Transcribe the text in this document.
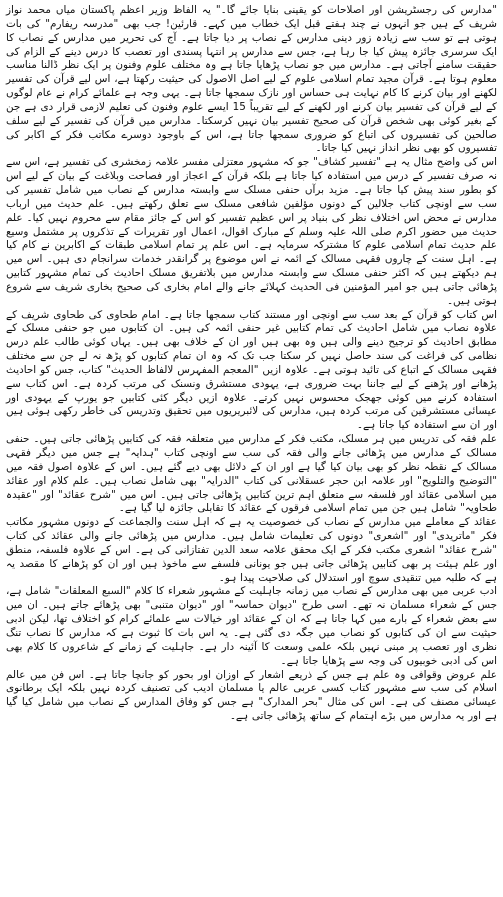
"مدارس کی رجسٹریشن اور اصلاحات کو یقینی بنایا جائے گا۔" یہ الفاظ وزیر اعظم پاکستان میاں محمد نواز شریف کے ہیں جو انہوں نے چند ہفتے قبل ایک خطاب میں کہے۔ قارئین! جب بھی "مدرسہ ریفارم" کی بات ہوتی ہے تو سب سے زیادہ زور دینی مدارس کے نصاب پر دیا جاتا ہے۔ آج کی تحریر میں مدارس کے نصاب کا ایک سرسری جائزہ پیش کیا جا رہا ہے، جس سے مدارس پر انتہا پسندی اور تعصب کا درس دینے کے الزام کی حقیقت سامنے آجاتی ہے۔ مدارس میں جو نصاب پڑھایا جاتا ہے وہ مختلف علوم وفنون پر ایک نظر ڈالنا مناسب معلوم ہوتا ہے۔ قرآن مجید تمام اسلامی علوم کے لیے اصل الاصول کی حیثیت رکھتا ہے، اس لیے قرآن کی تفسیر لکھنے اور بیان کرنے کا کام نہایت ہی حساس اور نازک سمجھا جاتا ہے۔ یہی وجہ ہے علمائے کرام نے عام لوگوں کے لیے قرآن کی تفسیر بیان کرنے اور لکھنے کے لیے تقریباً 15 ایسے علوم وفنون کی تعلیم لازمی قرار دی ہے جن کے بغیر کوئی بھی شخص قرآن کی صحیح تفسیر بیان نہیں کرسکتا۔ مدارس میں قرآن کی تفسیر کے لیے سلف صالحین کی تفسیروں کی اتباع کو ضروری سمجھا جاتا ہے، اس کے باوجود دوسرے مکاتب فکر کے اکابر کی تفسیروں کو بھی نظر انداز نہیں کیا جاتا۔

اس کی واضح مثال یہ ہے "تفسیر کشاف" جو کہ مشہور معتزلی مفسر علامہ زمخشری کی تفسیر ہے، اس سے نہ صرف تفسیر کے درس میں استفادہ کیا جاتا ہے بلکہ قرآن کے اعجاز اور فصاحت وبلاغت کے بیان کے لیے اس کو بطور سند پیش کیا جاتا ہے۔ مزید برآں حنفی مسلک سے وابستہ مدارس کے نصاب میں شامل تفسیر کی سب سے اونچی کتاب جلالین کے دونوں مؤلفین شافعی مسلک سے تعلق رکھتے ہیں۔ علم حدیث میں ارباب مدارس نے محض اس اختلاف نظر کی بنیاد پر اس عظیم تفسیر کو اس کے جائز مقام سے محروم نہیں کیا۔ علم حدیث میں حضور اکرم صلی اللہ علیہ وسلم کے مبارک اقوال، اعمال اور تقریرات کے تذکروں پر مشتمل وسیع علم حدیث تمام اسلامی علوم کا مشترکہ سرمایہ ہے۔ اس علم پر تمام اسلامی طبقات کے اکابرین نے کام کیا ہے۔ اہل سنت کے چاروں فقہی مسالک کے ائمہ نے اس موضوع پر گرانقدر خدمات سرانجام دی ہیں۔ اس میں ہم دیکھتے ہیں کہ اکثر حنفی مسلک سے وابستہ مدارس میں بلاتفریق مسلک احادیث کی تمام مشہور کتابیں پڑھائی جاتی ہیں جو امیر المؤمنین فی الحدیث کہلائے جانے والے امام بخاری کی صحیح بخاری شریف سے شروع ہوتی ہیں۔

اس کتاب کو قرآن کے بعد سب سے اونچی اور مستند کتاب سمجھا جاتا ہے۔ امام طحاوی کی طحاوی شریف کے علاوہ نصاب میں شامل احادیث کی تمام کتابیں غیر حنفی ائمہ کی ہیں۔ ان کتابوں میں جو حنفی مسلک کے مطابق احادیث کو ترجیح دینے والی ہیں وہ بھی ہیں اور ان کے خلاف بھی ہیں۔ یہاں کوئی طالب علم درس نظامی کی فراغت کی سند حاصل نہیں کر سکتا جب تک کہ وہ ان تمام کتابوں کو پڑھ نہ لے جن سے مختلف فقہی مسالک کے اتباع کی تائید ہوتی ہے۔ علاوہ ازیں "المعجم المفہرس لالفاظ الحدیث" کتاب، جس کو احادیث پڑھانے اور پڑھنے کے لیے جاننا بہت ضروری ہے، یہودی مستشرق ونسنک کی مرتب کردہ ہے۔ اس کتاب سے استفادہ کرنے میں کوئی جھجک محسوس نہیں کرتے۔ علاوہ ازیں دیگر کئی کتابیں جو یورپ کے یہودی اور عیسائی مستشرقین کی مرتب کردہ ہیں، مدارس کی لائبریریوں میں تحقیق وتدریس کی خاطر رکھی ہوئی ہیں اور ان سے استفادہ کیا جاتا ہے۔

علم فقہ کی تدریس میں ہر مسلک، مکتب فکر کے مدارس میں متعلقہ فقہ کی کتابیں پڑھائی جاتی ہیں۔ حنفی مسالک کے مدارس میں پڑھائی جانے والی فقہ کی سب سے اونچی کتاب "ہدایہ" ہے جس میں دیگر فقہی مسالک کے نقطہ نظر کو بھی بیان کیا گیا ہے اور ان کے دلائل بھی دیے گئے ہیں۔ اس کے علاوہ اصول فقہ میں "التوضیح والتلویح" اور علامہ ابن حجر عسقلانی کی کتاب "الدرایہ" بھی شامل نصاب ہیں۔ علم کلام اور عقائد میں اسلامی عقائد اور فلسفہ سے متعلق اہم ترین کتابیں پڑھائی جاتی ہیں۔ اس میں "شرح عقائد" اور "عقیدہ طحاویہ" شامل ہیں جن میں تمام اسلامی فرقوں کے عقائد کا تقابلی جائزہ لیا گیا ہے۔

عقائد کے معاملے میں مدارس کے نصاب کی خصوصیت یہ ہے کہ اہل سنت والجماعت کے دونوں مشہور مکاتب فکر "ماتریدی" اور "اشعری" دونوں کی تعلیمات شامل ہیں۔ مدارس میں پڑھائی جانے والی عقائد کی کتاب "شرح عقائد" اشعری مکتب فکر کے ایک محقق علامہ سعد الدین تفتازانی کی ہے۔ اس کے علاوہ فلسفہ، منطق اور علم ہیئت پر بھی کتابیں پڑھائی جاتی ہیں جو یونانی فلسفے سے ماخوذ ہیں اور ان کو پڑھانے کا مقصد یہ ہے کہ طلبہ میں تنقیدی سوچ اور استدلال کی صلاحیت پیدا ہو۔

ادب عربی میں بھی مدارس کے نصاب میں زمانہ جاہلیت کے مشہور شعراء کا کلام "السبع المعلقات" شامل ہے، جس کے شعراء مسلمان نہ تھے۔ اسی طرح "دیوان حماسہ" اور "دیوان متنبی" بھی پڑھائے جاتے ہیں۔ ان میں سے بعض شعراء کے بارے میں کہا جاتا ہے کہ ان کے عقائد اور خیالات سے علمائے کرام کو اختلاف تھا، لیکن ادبی حیثیت سے ان کی کتابوں کو نصاب میں جگہ دی گئی ہے۔ یہ اس بات کا ثبوت ہے کہ مدارس کا نصاب تنگ نظری اور تعصب پر مبنی نہیں بلکہ علمی وسعت کا آئینہ دار ہے۔ جاہلیت کے زمانے کے شاعروں کا کلام بھی اس کی ادبی خوبیوں کی وجہ سے پڑھایا جاتا ہے۔

علم عروض وقوافی وہ علم ہے جس کے ذریعے اشعار کے اوزان اور بحور کو جانچا جاتا ہے۔ اس فن میں عالم اسلام کی سب سے مشہور کتاب کسی عربی عالم یا مسلمان ادیب کی تصنیف کردہ نہیں بلکہ ایک برطانوی عیسائی مصنف کی ہے۔ اس کی مثال "بحر المدارک" ہے جس کو وفاق المدارس کے نصاب میں شامل کیا گیا ہے اور یہ مدارس میں بڑے اہتمام کے ساتھ پڑھائی جاتی ہے۔
